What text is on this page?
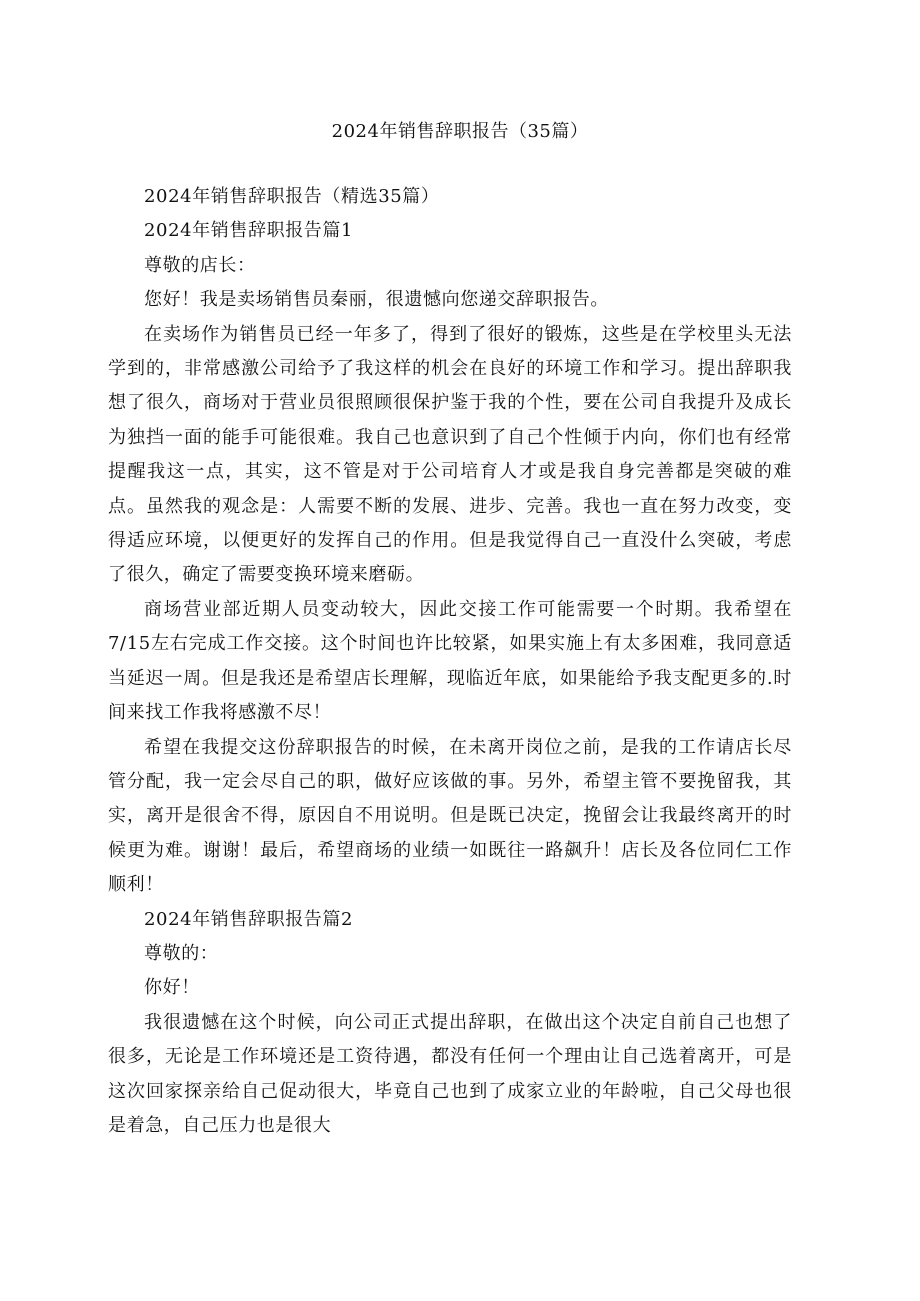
2024年销售辞职报告（35篇）

2024年销售辞职报告（精选35篇）

2024年销售辞职报告篇1

尊敬的店长：

您好！我是卖场销售员秦丽，很遗憾向您递交辞职报告。

在卖场作为销售员已经一年多了，得到了很好的锻炼，这些是在学校里头无法学到的，非常感激公司给予了我这样的机会在良好的环境工作和学习。提出辞职我想了很久，商场对于营业员很照顾很保护鉴于我的个性，要在公司自我提升及成长为独挡一面的能手可能很难。我自己也意识到了自己个性倾于内向，你们也有经常提醒我这一点，其实，这不管是对于公司培育人才或是我自身完善都是突破的难点。虽然我的观念是：人需要不断的发展、进步、完善。我也一直在努力改变，变得适应环境，以便更好的发挥自己的作用。但是我觉得自己一直没什么突破，考虑了很久，确定了需要变换环境来磨砺。

商场营业部近期人员变动较大，因此交接工作可能需要一个时期。我希望在7/15左右完成工作交接。这个时间也许比较紧，如果实施上有太多困难，我同意适当延迟一周。但是我还是希望店长理解，现临近年底，如果能给予我支配更多的.时间来找工作我将感激不尽！

希望在我提交这份辞职报告的时候，在未离开岗位之前，是我的工作请店长尽管分配，我一定会尽自己的职，做好应该做的事。另外，希望主管不要挽留我，其实，离开是很舍不得，原因自不用说明。但是既已决定，挽留会让我最终离开的时候更为难。谢谢！最后，希望商场的业绩一如既往一路飙升！店长及各位同仁工作顺利！

2024年销售辞职报告篇2

尊敬的：

你好！

我很遗憾在这个时候，向公司正式提出辞职，在做出这个决定自前自己也想了很多，无论是工作环境还是工资待遇，都没有任何一个理由让自己选着离开，可是这次回家探亲给自己促动很大，毕竟自己也到了成家立业的年龄啦，自己父母也很是着急，自己压力也是很大
